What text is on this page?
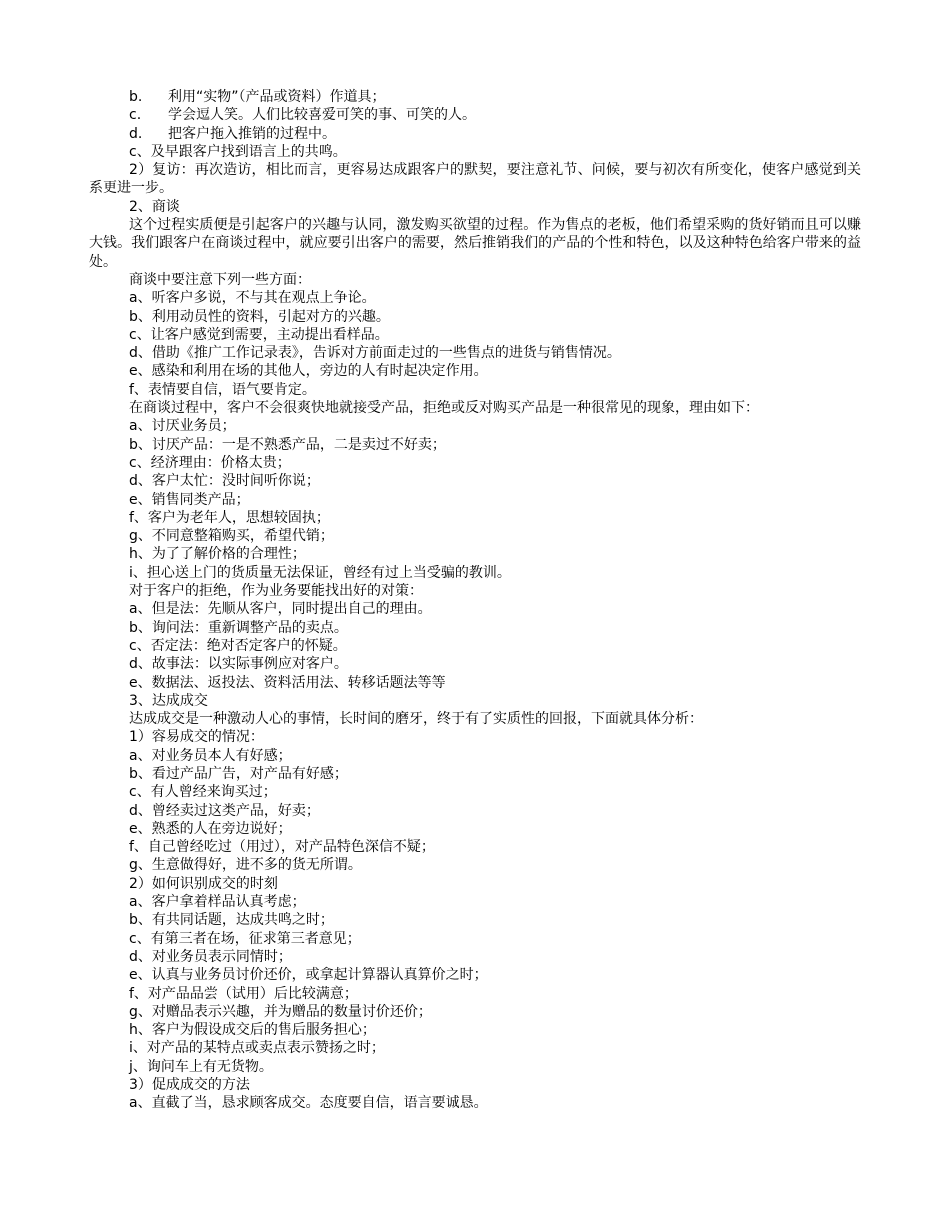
b.	利用“实物”（产品或资料）作道具；
c.	学会逗人笑。人们比较喜爱可笑的事、可笑的人。
d.	把客户拖入推销的过程中。
c、及早跟客户找到语言上的共鸣。
2）复访：再次造访，相比而言，更容易达成跟客户的默契，要注意礼节、问候，要与初次有所变化，使客户感觉到关系更进一步。
2、商谈
这个过程实质便是引起客户的兴趣与认同，激发购买欲望的过程。作为售点的老板，他们希望采购的货好销而且可以赚大钱。我们跟客户在商谈过程中，就应要引出客户的需要，然后推销我们的产品的个性和特色，以及这种特色给客户带来的益处。
商谈中要注意下列一些方面：
a、听客户多说，不与其在观点上争论。
b、利用动员性的资料，引起对方的兴趣。
c、让客户感觉到需要，主动提出看样品。
d、借助《推广工作记录表》，告诉对方前面走过的一些售点的进货与销售情况。
e、感染和利用在场的其他人，旁边的人有时起决定作用。
f、表情要自信，语气要肯定。
在商谈过程中，客户不会很爽快地就接受产品，拒绝或反对购买产品是一种很常见的现象，理由如下：
a、讨厌业务员；
b、讨厌产品：一是不熟悉产品，二是卖过不好卖；
c、经济理由：价格太贵；
d、客户太忙：没时间听你说；
e、销售同类产品；
f、客户为老年人，思想较固执；
g、不同意整箱购买，希望代销；
h、为了了解价格的合理性；
i、担心送上门的货质量无法保证，曾经有过上当受骗的教训。
对于客户的拒绝，作为业务要能找出好的对策：
a、但是法：先顺从客户，同时提出自己的理由。
b、询问法：重新调整产品的卖点。
c、否定法：绝对否定客户的怀疑。
d、故事法：以实际事例应对客户。
e、数据法、返投法、资料活用法、转移话题法等等
3、达成成交
达成成交是一种激动人心的事情，长时间的磨牙，终于有了实质性的回报，下面就具体分析：
1）容易成交的情况：
a、对业务员本人有好感；
b、看过产品广告，对产品有好感；
c、有人曾经来询买过；
d、曾经卖过这类产品，好卖；
e、熟悉的人在旁边说好；
f、自己曾经吃过（用过），对产品特色深信不疑；
g、生意做得好，进不多的货无所谓。
2）如何识别成交的时刻
a、客户拿着样品认真考虑；
b、有共同话题，达成共鸣之时；
c、有第三者在场，征求第三者意见；
d、对业务员表示同情时；
e、认真与业务员讨价还价，或拿起计算器认真算价之时；
f、对产品品尝（试用）后比较满意；
g、对赠品表示兴趣，并为赠品的数量讨价还价；
h、客户为假设成交后的售后服务担心；
i、对产品的某特点或卖点表示赞扬之时；
j、询问车上有无货物。
3）促成成交的方法
a、直截了当，恳求顾客成交。态度要自信，语言要诚恳。
